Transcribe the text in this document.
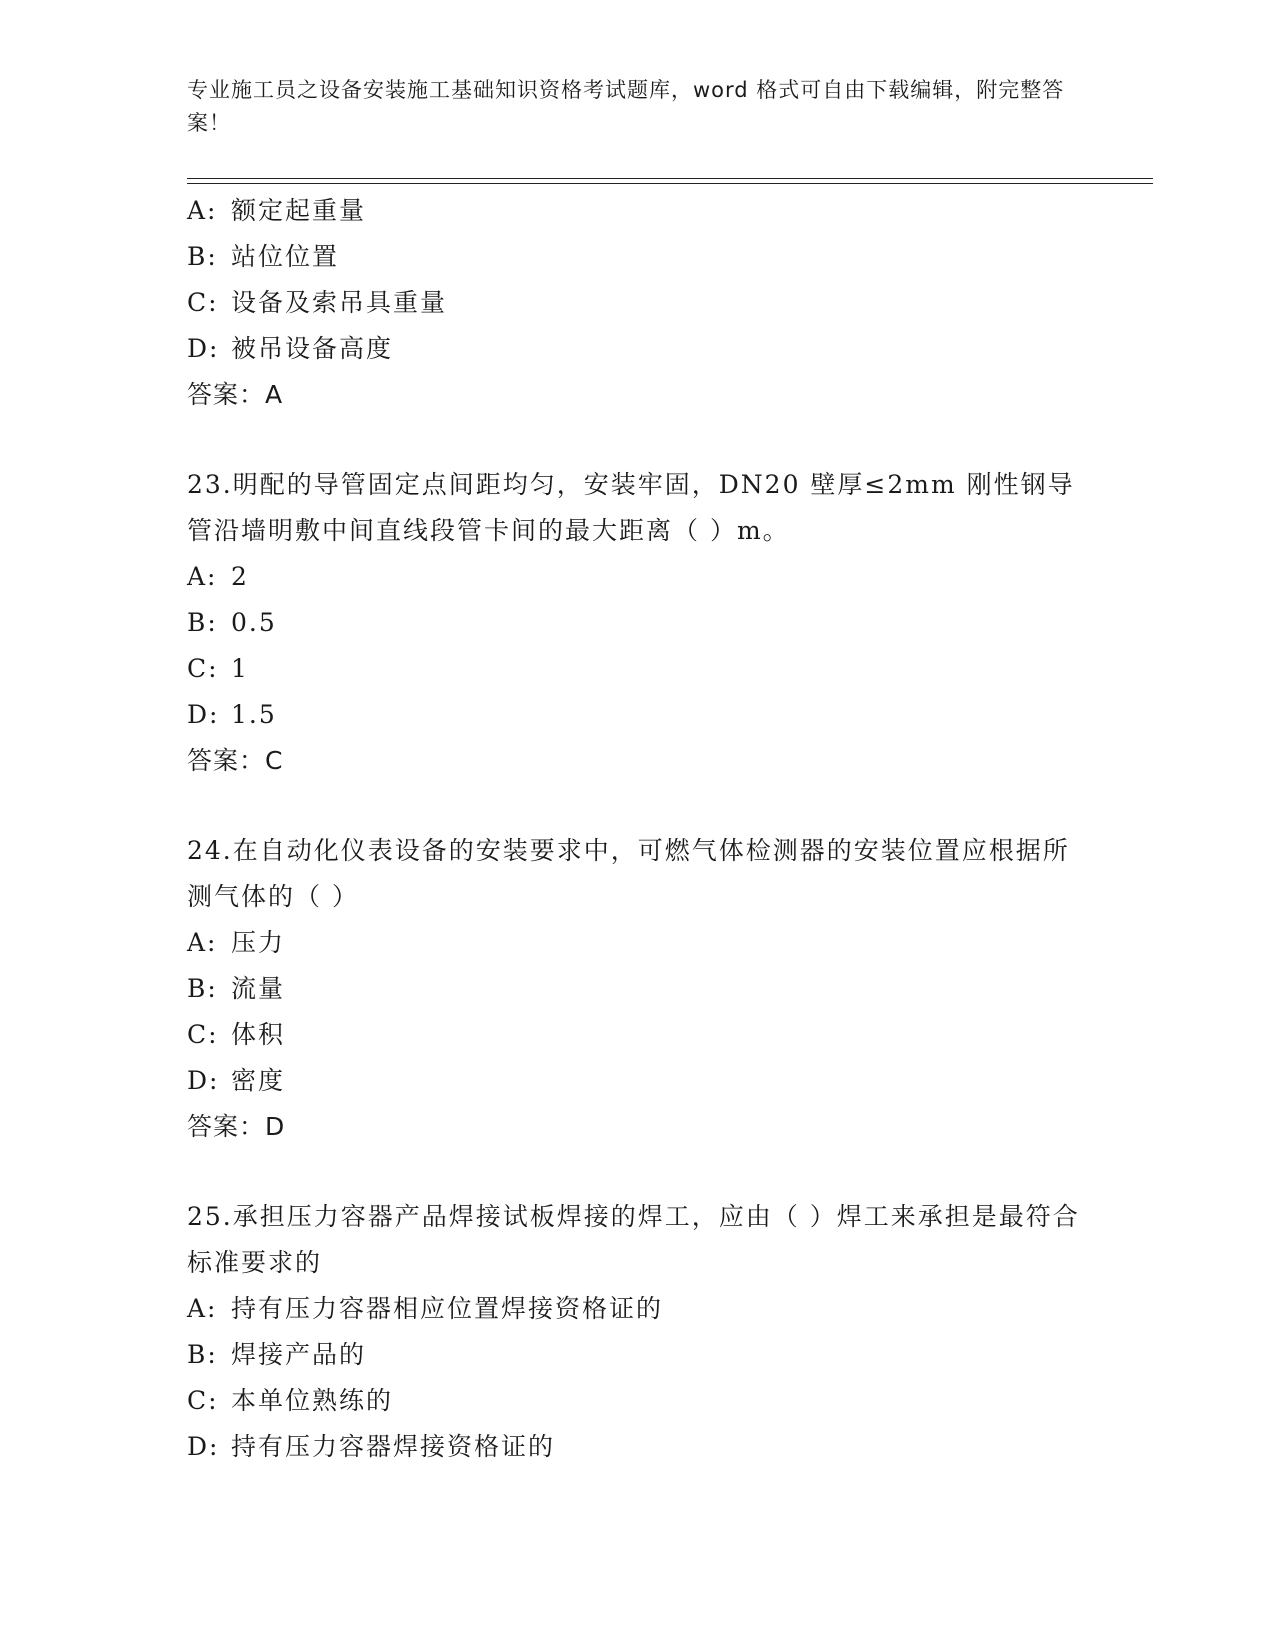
专业施工员之设备安装施工基础知识资格考试题库，word 格式可自由下载编辑，附完整答案！
A: 额定起重量
B: 站位位置
C: 设备及索吊具重量
D: 被吊设备高度
答案：A
23.明配的导管固定点间距均匀，安装牢固，DN20 壁厚≤2mm 刚性钢导管沿墙明敷中间直线段管卡间的最大距离（ ）m。
A: 2
B: 0.5
C: 1
D: 1.5
答案：C
24.在自动化仪表设备的安装要求中，可燃气体检测器的安装位置应根据所测气体的（ ）
A: 压力
B: 流量
C: 体积
D: 密度
答案：D
25.承担压力容器产品焊接试板焊接的焊工，应由（ ）焊工来承担是最符合标准要求的
A: 持有压力容器相应位置焊接资格证的
B: 焊接产品的
C: 本单位熟练的
D: 持有压力容器焊接资格证的
